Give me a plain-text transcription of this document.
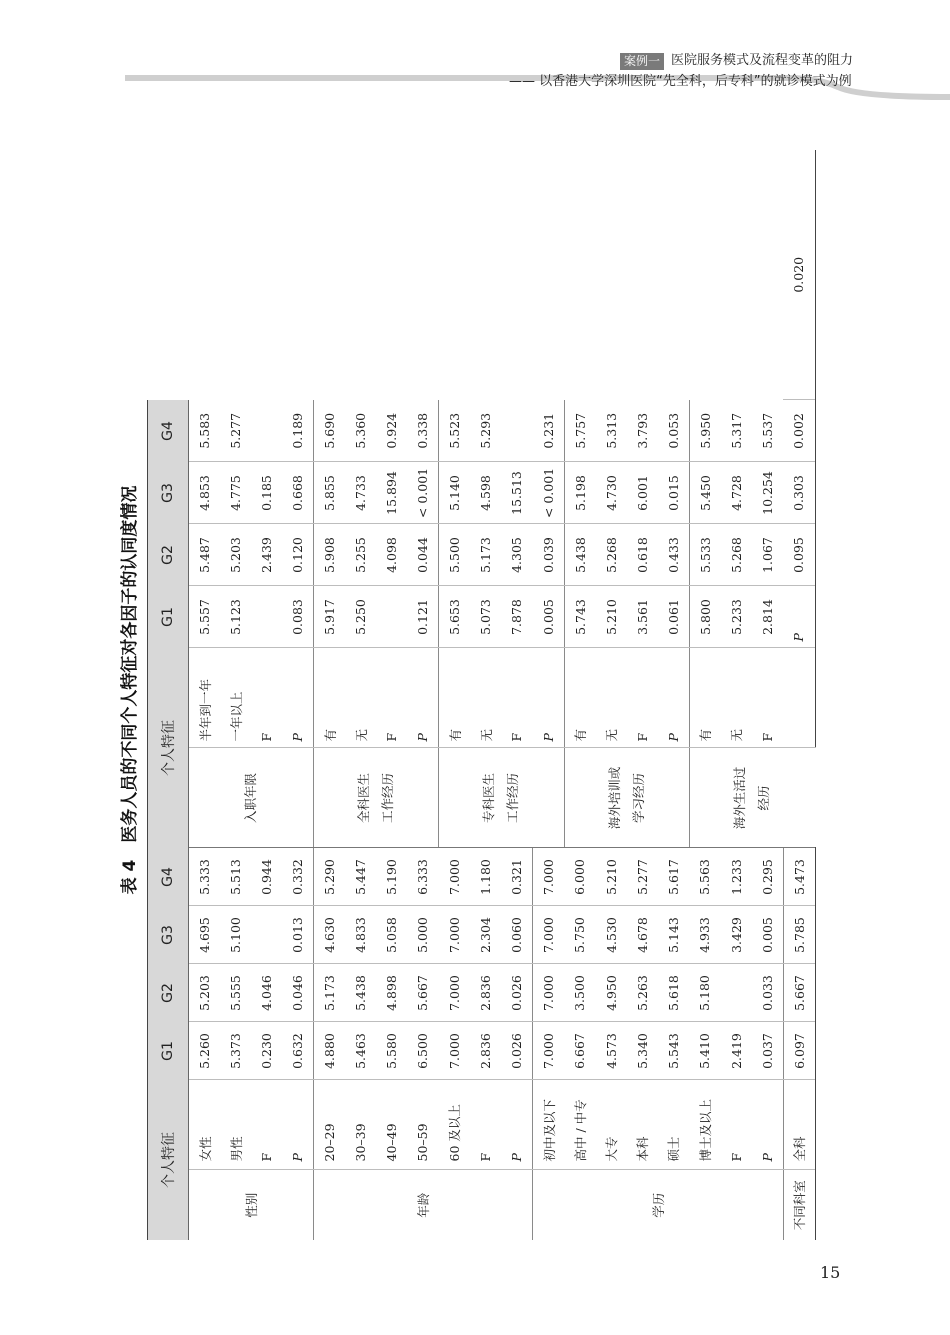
案例一 医院服务模式及流程变革的阻力
—— 以香港大学深圳医院“先全科，后专科”的就诊模式为例
表 4　医务人员的不同个人特征对各因子的认同度情况
个人特征		G1	G2	G3	G4	个人特征		G1	G2	G3	G4	
性别	女性	5.260	5.203	4.695	5.333	入职年限	半年到一年	5.557	5.487	4.853	5.583	
	男性	5.373	5.555	5.100	5.513		一年以上	5.123	5.203	4.775	5.277	
	F	0.230	4.046		0.944		F		2.439	0.185		
	P	0.632	0.046	0.013	0.332		P	0.083	0.120	0.668	0.189	
年龄	20–29	4.880	5.173	4.630	5.290	全科医生 工作经历	有	5.917	5.908	5.855	5.690	
	30–39	5.463	5.438	4.833	5.447		无	5.250	5.255	4.733	5.360	
	40–49	5.580	4.898	5.058	5.190		F		4.098	15.894	0.924	
	50–59	6.500	5.667	5.000	6.333		P	0.121	0.044	< 0.001	0.338	
	60 及以上	7.000	7.000	7.000	7.000	专科医生 工作经历	有	5.653	5.500	5.140	5.523	
	F	2.836	2.836	2.304	1.180		无	5.073	5.173	4.598	5.293	
	P	0.026	0.026	0.060	0.321		F	7.878	4.305	15.513		
学历	初中及以下	7.000	7.000	7.000	7.000		P	0.005	0.039	< 0.001	0.231	
	高中 / 中专	6.667	3.500	5.750	6.000	海外培训或 学习经历	有	5.743	5.438	5.198	5.757	
	大专	4.573	4.950	4.530	5.210		无	5.210	5.268	4.730	5.313	
	本科	5.340	5.263	4.678	5.277		F	3.561	0.618	6.001	3.793	
	硕士	5.543	5.618	5.143	5.617		P	0.061	0.433	0.015	0.053	
	博士及以上	5.410	5.180	4.933	5.563	海外生活过 经历	有	5.800	5.533	5.450	5.950	
	F	2.419		3.429	1.233		无	5.233	5.268	4.728	5.317	
	P	0.037	0.033	0.005	0.295		F	2.814	1.067	10.254	5.537	
不同科室	全科	6.097	5.667	5.785	5.473			P	0.095	0.303	0.002	0.020
15
